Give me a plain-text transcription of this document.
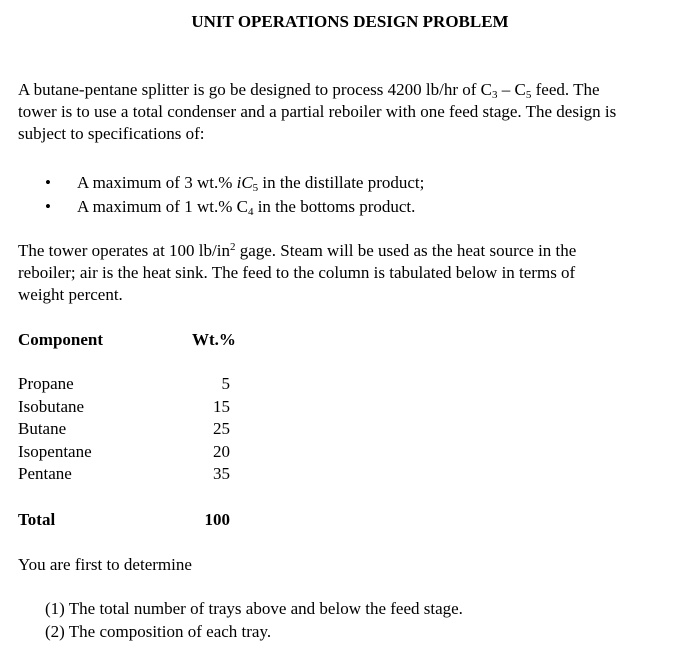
UNIT OPERATIONS DESIGN PROBLEM
A butane-pentane splitter is go be designed to process 4200 lb/hr of $C_3 - C_5$ feed. The
tower is to use a total condenser and a partial reboiler with one feed stage. The design is
subject to specifications of:
•	A maximum of 3 wt.% $iC_5$ in the distillate product;
•	A maximum of 1 wt.% $C_4$ in the bottoms product.
The tower operates at 100 $lb/in^2$ gage. Steam will be used as the heat source in the
reboiler; air is the heat sink. The feed to the column is tabulated below in terms of
weight percent.
Component	Wt.%
Propane	5
Isobutane	15
Butane	25
Isopentane	20
Pentane	35
Total	100
You are first to determine
(1) The total number of trays above and below the feed stage.
(2) The composition of each tray.
